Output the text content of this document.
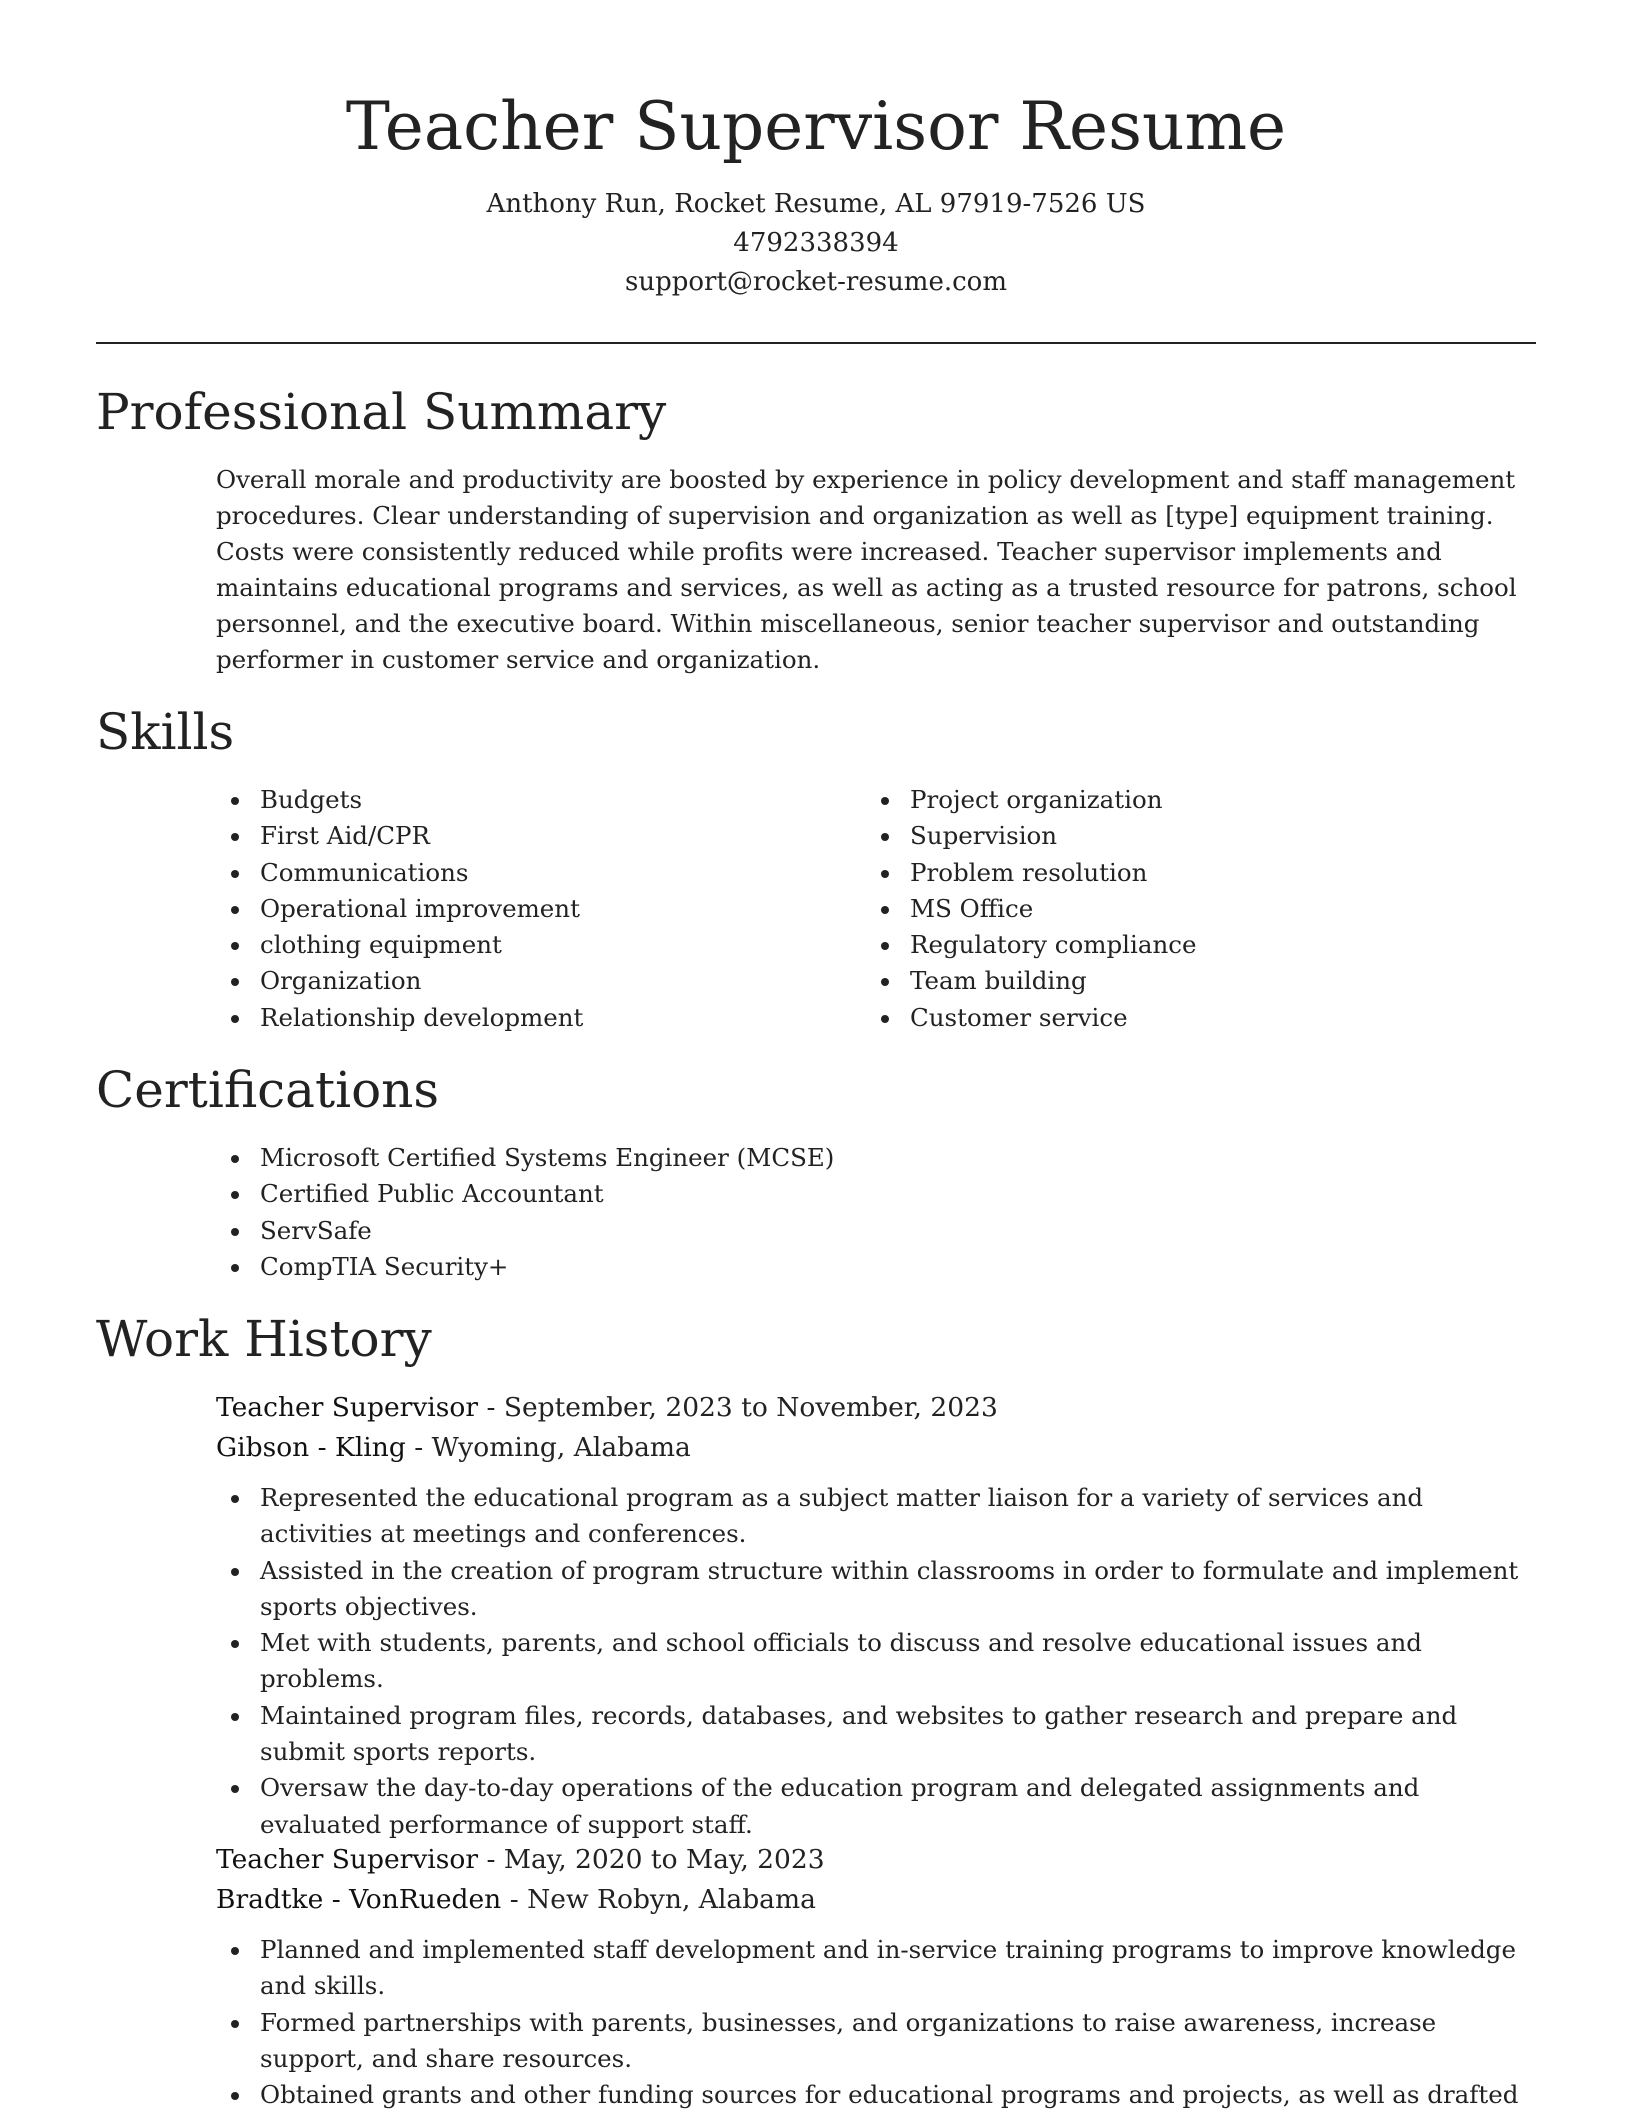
Teacher Supervisor Resume
Anthony Run, Rocket Resume, AL 97919-7526 US
4792338394
support@rocket-resume.com
Professional Summary

Overall morale and productivity are boosted by experience in policy development and staff management procedures. Clear understanding of supervision and organization as well as [type] equipment training. Costs were consistently reduced while profits were increased. Teacher supervisor implements and maintains educational programs and services, as well as acting as a trusted resource for patrons, school personnel, and the executive board. Within miscellaneous, senior teacher supervisor and outstanding performer in customer service and organization.

Skills
Budgets
First Aid/CPR
Communications
Operational improvement
clothing equipment
Organization
Relationship development
Project organization
Supervision
Problem resolution
MS Office
Regulatory compliance
Team building
Customer service
Certifications
Microsoft Certified Systems Engineer (MCSE)
Certified Public Accountant
ServSafe
CompTIA Security+
Work History
Teacher Supervisor - September, 2023 to November, 2023
Gibson - Kling - Wyoming, Alabama
Represented the educational program as a subject matter liaison for a variety of services and activities at meetings and conferences.
Assisted in the creation of program structure within classrooms in order to formulate and implement sports objectives.
Met with students, parents, and school officials to discuss and resolve educational issues and problems.
Maintained program files, records, databases, and websites to gather research and prepare and submit sports reports.
Oversaw the day-to-day operations of the education program and delegated assignments and evaluated performance of support staff.
Teacher Supervisor - May, 2020 to May, 2023
Bradtke - VonRueden - New Robyn, Alabama
Planned and implemented staff development and in-service training programs to improve knowledge and skills.
Formed partnerships with parents, businesses, and organizations to raise awareness, increase support, and share resources.
Obtained grants and other funding sources for educational programs and projects, as well as drafted
